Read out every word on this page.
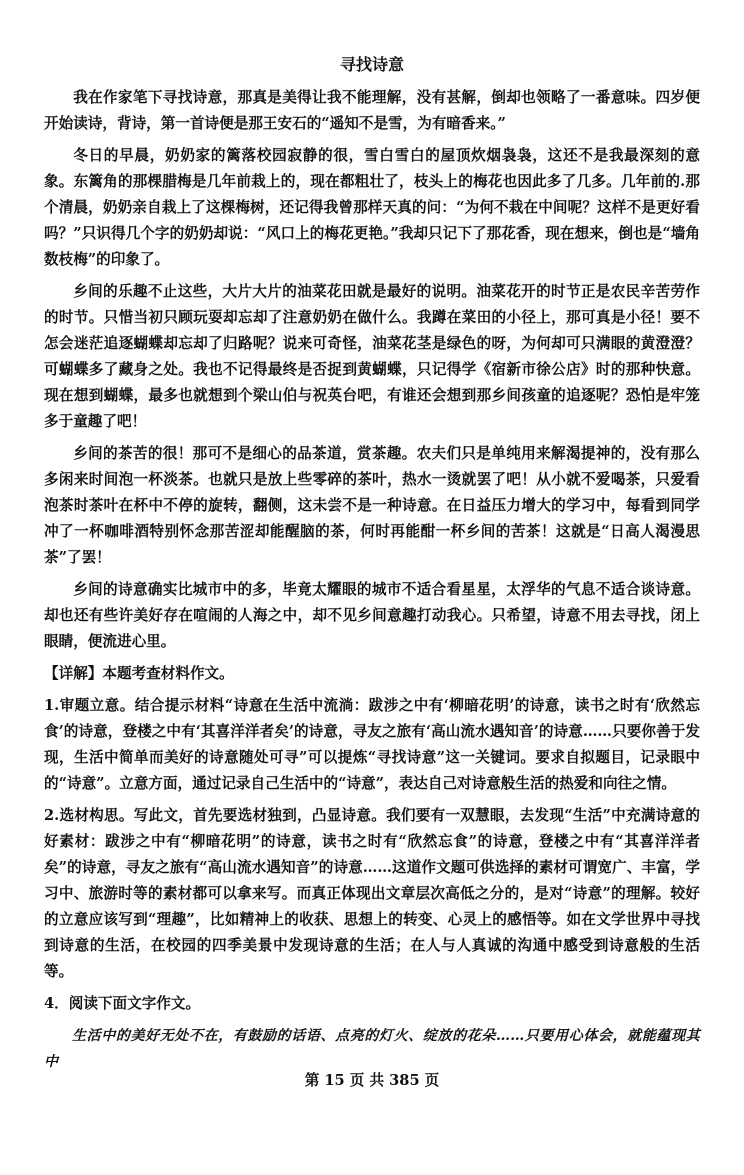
寻找诗意

我在作家笔下寻找诗意，那真是美得让我不能理解，没有甚解，倒却也领略了一番意味。四岁便开始读诗，背诗，第一首诗便是那王安石的“遥知不是雪，为有暗香来。”

冬日的早晨，奶奶家的篱落校园寂静的很，雪白雪白的屋顶炊烟袅袅，这还不是我最深刻的意象。东篱角的那棵腊梅是几年前栽上的，现在都粗壮了，枝头上的梅花也因此多了几多。几年前的.那个清晨，奶奶亲自栽上了这棵梅树，还记得我曾那样天真的问：“为何不栽在中间呢？这样不是更好看吗？”只识得几个字的奶奶却说：“风口上的梅花更艳。”我却只记下了那花香，现在想来，倒也是“墙角数枝梅”的印象了。

乡间的乐趣不止这些，大片大片的油菜花田就是最好的说明。油菜花开的时节正是农民辛苦劳作的时节。只惜当初只顾玩耍却忘却了注意奶奶在做什么。我蹲在菜田的小径上，那可真是小径！要不怎会迷茫追逐蝴蝶却忘却了归路呢？说来可奇怪，油菜花茎是绿色的呀，为何却可只满眼的黄澄澄？可蝴蝶多了藏身之处。我也不记得最终是否捉到黄蝴蝶，只记得学《宿新市徐公店》时的那种快意。现在想到蝴蝶，最多也就想到个梁山伯与祝英台吧，有谁还会想到那乡间孩童的追逐呢？恐怕是牢笼多于童趣了吧！

乡间的茶苦的很！那可不是细心的品茶道，赏茶趣。农夫们只是单纯用来解渴提神的，没有那么多闲来时间泡一杯淡茶。也就只是放上些零碎的茶叶，热水一烫就罢了吧！从小就不爱喝茶，只爱看泡茶时茶叶在杯中不停的旋转，翻侧，这未尝不是一种诗意。在日益压力增大的学习中，每看到同学冲了一杯咖啡酒特别怀念那苦涩却能醒脑的茶，何时再能酣一杯乡间的苦茶！这就是“日高人渴漫思茶”了罢！

乡间的诗意确实比城市中的多，毕竟太耀眼的城市不适合看星星，太浮华的气息不适合谈诗意。却也还有些许美好存在喧闹的人海之中，却不见乡间意趣打动我心。只希望，诗意不用去寻找，闭上眼睛，便流进心里。

【详解】本题考查材料作文。

1.审题立意。结合提示材料“诗意在生活中流淌：跋涉之中有‘柳暗花明’的诗意，读书之时有‘欣然忘食’的诗意，登楼之中有‘其喜洋洋者矣’的诗意，寻友之旅有‘高山流水遇知音’的诗意……只要你善于发现，生活中简单而美好的诗意随处可寻”可以提炼“寻找诗意”这一关键词。要求自拟题目，记录眼中的“诗意”。立意方面，通过记录自己生活中的“诗意”，表达自己对诗意般生活的热爱和向往之情。

2.选材构思。写此文，首先要选材独到，凸显诗意。我们要有一双慧眼，去发现“生活”中充满诗意的好素材：跋涉之中有“柳暗花明”的诗意，读书之时有“欣然忘食”的诗意，登楼之中有“其喜洋洋者矣”的诗意，寻友之旅有“高山流水遇知音”的诗意……这道作文题可供选择的素材可谓宽广、丰富，学习中、旅游时等的素材都可以拿来写。而真正体现出文章层次高低之分的，是对“诗意”的理解。较好的立意应该写到“理趣”，比如精神上的收获、思想上的转变、心灵上的感悟等。如在文学世界中寻找到诗意的生活，在校园的四季美景中发现诗意的生活；在人与人真诚的沟通中感受到诗意般的生活等。

4．阅读下面文字作文。

生活中的美好无处不在，有鼓励的话语、点亮的灯火、绽放的花朵……只要用心体会，就能蕴现其中

第 15 页 共 385 页
